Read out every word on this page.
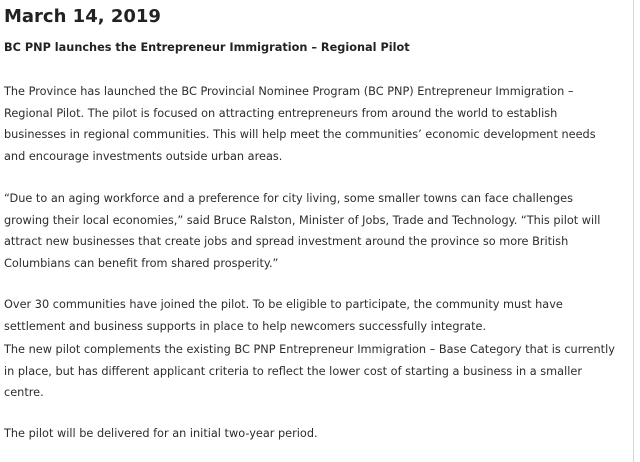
March 14, 2019
BC PNP launches the Entrepreneur Immigration – Regional Pilot

The Province has launched the BC Provincial Nominee Program (BC PNP) Entrepreneur Immigration –
Regional Pilot. The pilot is focused on attracting entrepreneurs from around the world to establish
businesses in regional communities. This will help meet the communities’ economic development needs
and encourage investments outside urban areas.

“Due to an aging workforce and a preference for city living, some smaller towns can face challenges
growing their local economies,” said Bruce Ralston, Minister of Jobs, Trade and Technology. “This pilot will
attract new businesses that create jobs and spread investment around the province so more British
Columbians can benefit from shared prosperity.”

Over 30 communities have joined the pilot. To be eligible to participate, the community must have
settlement and business supports in place to help newcomers successfully integrate.

The new pilot complements the existing BC PNP Entrepreneur Immigration – Base Category that is currently
in place, but has different applicant criteria to reflect the lower cost of starting a business in a smaller
centre.

The pilot will be delivered for an initial two-year period.
